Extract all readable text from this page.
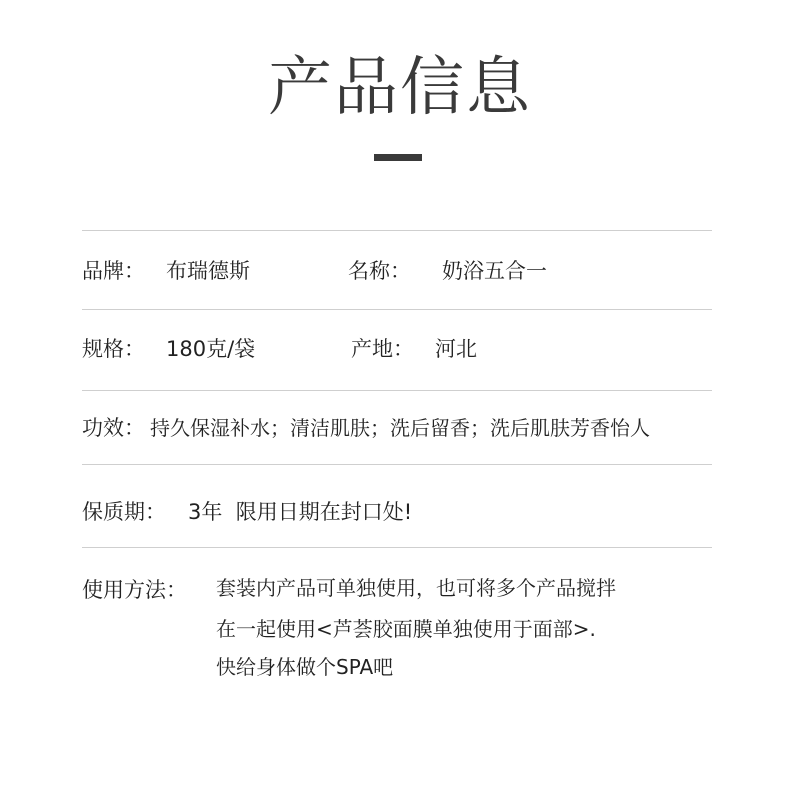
产品信息
品牌： 布瑞德斯	名称： 奶浴五合一
规格： 180克/袋	产地： 河北
功效： 持久保湿补水；清洁肌肤；洗后留香；洗后肌肤芳香怡人
保质期： 3年  限用日期在封口处!
使用方法： 套装内产品可单独使用，也可将多个产品搅拌
在一起使用<芦荟胶面膜单独使用于面部>.
快给身体做个SPA吧
